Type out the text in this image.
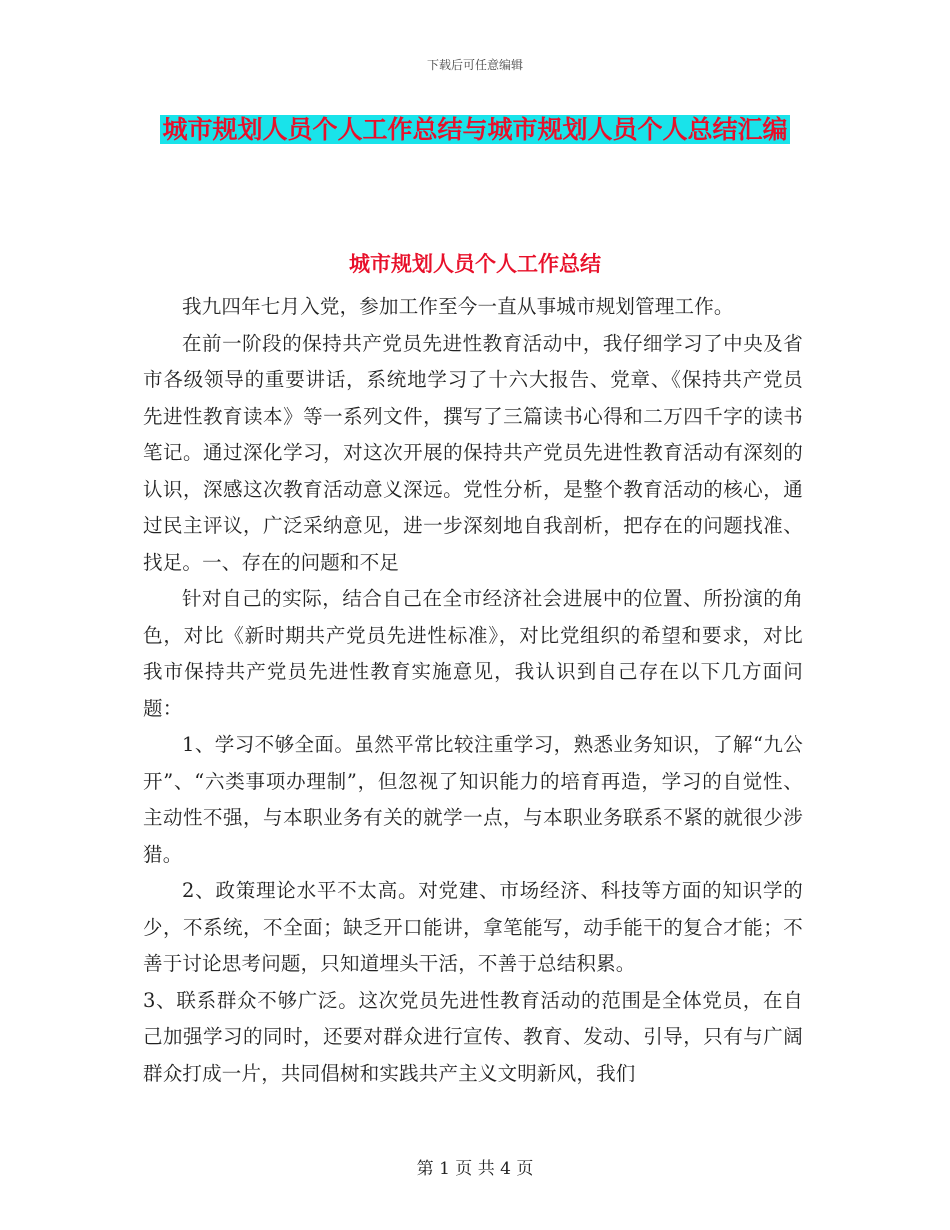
下载后可任意编辑
城市规划人员个人工作总结与城市规划人员个人总结汇编
城市规划人员个人工作总结

我九四年七月入党，参加工作至今一直从事城市规划管理工作。

在前一阶段的保持共产党员先进性教育活动中，我仔细学习了中央及省市各级领导的重要讲话，系统地学习了十六大报告、党章、《保持共产党员先进性教育读本》等一系列文件，撰写了三篇读书心得和二万四千字的读书笔记。通过深化学习，对这次开展的保持共产党员先进性教育活动有深刻的认识，深感这次教育活动意义深远。党性分析，是整个教育活动的核心，通过民主评议，广泛采纳意见，进一步深刻地自我剖析，把存在的问题找准、找足。一、存在的问题和不足

针对自己的实际，结合自己在全市经济社会进展中的位置、所扮演的角色，对比《新时期共产党员先进性标准》，对比党组织的希望和要求，对比我市保持共产党员先进性教育实施意见，我认识到自己存在以下几方面问题：

1、学习不够全面。虽然平常比较注重学习，熟悉业务知识，了解“九公开”、“六类事项办理制”，但忽视了知识能力的培育再造，学习的自觉性、主动性不强，与本职业务有关的就学一点，与本职业务联系不紧的就很少涉猎。

2、政策理论水平不太高。对党建、市场经济、科技等方面的知识学的少，不系统，不全面；缺乏开口能讲，拿笔能写，动手能干的复合才能；不善于讨论思考问题，只知道埋头干活，不善于总结积累。

3、联系群众不够广泛。这次党员先进性教育活动的范围是全体党员，在自己加强学习的同时，还要对群众进行宣传、教育、发动、引导，只有与广阔群众打成一片，共同倡树和实践共产主义文明新风，我们

第 1 页 共 4 页
